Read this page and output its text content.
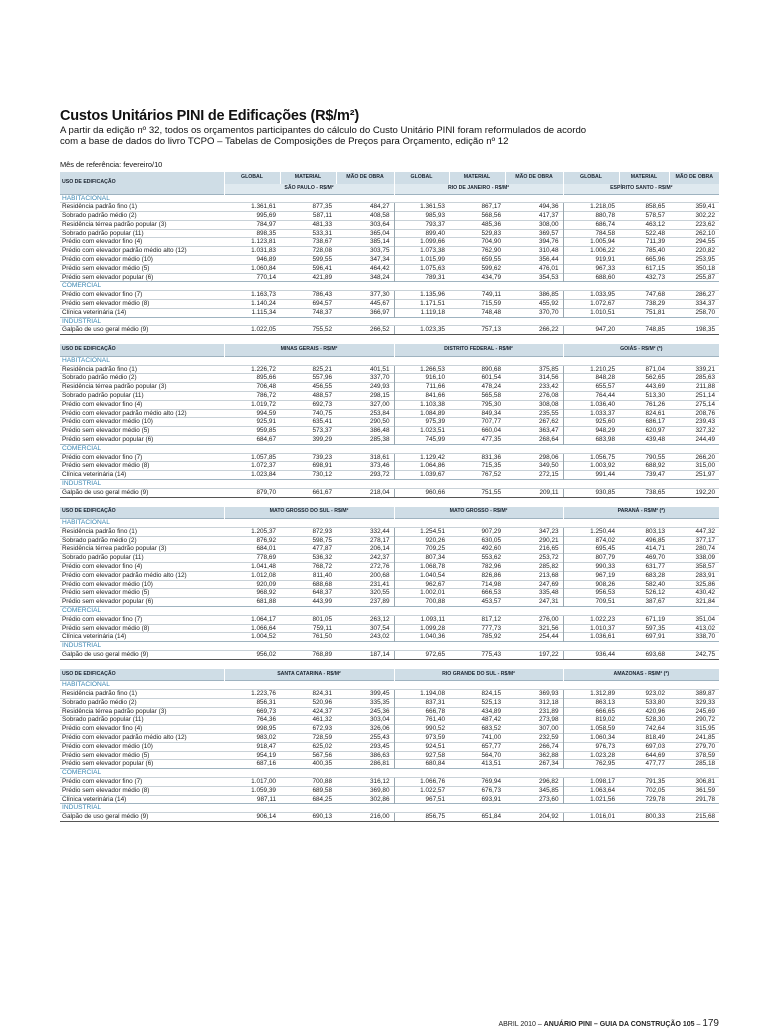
Custos Unitários PINI de Edificações (R$/m²)
A partir da edição nº 32, todos os orçamentos participantes do cálculo do Custo Unitário PINI foram reformulados de acordo
com a base de dados do livro TCPO – Tabelas de Composições de Preços para Orçamento, edição nº 12
Mês de referência: fevereiro/10
USO DE EDIFICAÇÃO	GLOBAL	MATERIAL	MÃO DE OBRA	GLOBAL	MATERIAL	MÃO DE OBRA	GLOBAL	MATERIAL	MÃO DE OBRA
	SÃO PAULO - R$/M²			RIO DE JANEIRO - R$/M²			ESPÍRITO SANTO - R$/M²		
HABITACIONAL									
Residência padrão fino (1)	1.361,61	877,35	484,27	1.361,53	867,17	494,36	1.218,05	858,65	359,41
Sobrado padrão médio (2)	995,69	587,11	408,58	985,93	568,56	417,37	880,78	578,57	302,22
Residência térrea padrão popular (3)	784,97	481,33	303,64	793,37	485,36	308,00	686,74	463,12	223,62
Sobrado padrão popular (11)	898,35	533,31	365,04	899,40	529,83	369,57	784,58	522,48	262,10
Prédio com elevador fino (4)	1.123,81	738,67	385,14	1.099,66	704,90	394,76	1.005,94	711,39	294,55
Prédio com elevador padrão médio alto (12)	1.031,83	728,08	303,75	1.073,38	762,90	310,48	1.006,22	785,40	220,82
Prédio com elevador médio (10)	946,89	599,55	347,34	1.015,99	659,55	356,44	919,91	665,96	253,95
Prédio sem elevador médio (5)	1.060,84	596,41	464,42	1.075,63	599,62	476,01	967,33	617,15	350,18
Prédio sem elevador popular (6)	770,14	421,89	348,24	789,31	434,79	354,53	688,60	432,73	255,87
COMERCIAL									
Prédio com elevador fino (7)	1.163,73	786,43	377,30	1.135,96	749,11	386,85	1.033,95	747,68	286,27
Prédio sem elevador médio (8)	1.140,24	694,57	445,67	1.171,51	715,59	455,92	1.072,67	738,29	334,37
Clínica veterinária (14)	1.115,34	748,37	366,97	1.119,18	748,48	370,70	1.010,51	751,81	258,70
INDUSTRIAL									
Galpão de uso geral médio (9)	1.022,05	755,52	266,52	1.023,35	757,13	266,22	947,20	748,85	198,35
USO DE EDIFICAÇÃO	MINAS GERAIS - R$/M²			DISTRITO FEDERAL - R$/M²			GOIÁS - R$/M² (*)		
HABITACIONAL									
Residência padrão fino (1)	1.226,72	825,21	401,51	1.266,53	890,68	375,85	1.210,25	871,04	339,21
Sobrado padrão médio (2)	895,66	557,96	337,70	916,10	601,54	314,56	848,28	562,65	285,63
Residência térrea padrão popular (3)	706,48	456,55	249,93	711,66	478,24	233,42	655,57	443,69	211,88
Sobrado padrão popular (11)	786,72	488,57	298,15	841,66	565,58	276,08	764,44	513,30	251,14
Prédio com elevador fino (4)	1.019,72	692,73	327,00	1.103,38	795,30	308,08	1.036,40	761,26	275,14
Prédio com elevador padrão médio alto (12)	994,59	740,75	253,84	1.084,89	849,34	235,55	1.033,37	824,61	208,76
Prédio com elevador médio (10)	925,91	635,41	290,50	975,39	707,77	267,62	925,60	686,17	239,43
Prédio sem elevador médio (5)	959,85	573,37	386,48	1.023,51	660,04	363,47	948,29	620,97	327,32
Prédio sem elevador popular (6)	684,67	399,29	285,38	745,99	477,35	268,64	683,98	439,48	244,49
COMERCIAL									
Prédio com elevador fino (7)	1.057,85	739,23	318,61	1.129,42	831,36	298,06	1.056,75	790,55	266,20
Prédio sem elevador médio (8)	1.072,37	698,91	373,46	1.064,86	715,35	349,50	1.003,92	688,92	315,00
Clínica veterinária (14)	1.023,84	730,12	293,72	1.039,67	767,52	272,15	991,44	739,47	251,97
INDUSTRIAL									
Galpão de uso geral médio (9)	879,70	661,67	218,04	960,66	751,55	209,11	930,85	738,65	192,20
USO DE EDIFICAÇÃO	MATO GROSSO DO SUL - R$/M²			MATO GROSSO - R$/M²			PARANÁ - R$/M² (*)		
HABITACIONAL									
Residência padrão fino (1)	1.205,37	872,93	332,44	1.254,51	907,29	347,23	1.250,44	803,13	447,32
Sobrado padrão médio (2)	876,92	598,75	278,17	920,26	630,05	290,21	874,02	496,85	377,17
Residência térrea padrão popular (3)	684,01	477,87	206,14	709,25	492,60	216,65	695,45	414,71	280,74
Sobrado padrão popular (11)	778,69	536,32	242,37	807,34	553,62	253,72	807,79	469,70	338,09
Prédio com elevador fino (4)	1.041,48	768,72	272,76	1.068,78	782,96	285,82	990,33	631,77	358,57
Prédio com elevador padrão médio alto (12)	1.012,08	811,40	200,68	1.040,54	826,86	213,68	967,19	683,28	283,91
Prédio com elevador médio (10)	920,09	688,68	231,41	962,67	714,98	247,69	908,26	582,40	325,86
Prédio sem elevador médio (5)	968,92	648,37	320,55	1.002,01	666,53	335,48	956,53	526,12	430,42
Prédio sem elevador popular (6)	681,88	443,99	237,89	700,88	453,57	247,31	709,51	387,67	321,84
COMERCIAL									
Prédio com elevador fino (7)	1.064,17	801,05	263,12	1.093,11	817,12	276,00	1.022,23	671,19	351,04
Prédio sem elevador médio (8)	1.066,64	759,11	307,54	1.099,28	777,73	321,56	1.010,37	597,35	413,02
Clínica veterinária (14)	1.004,52	761,50	243,02	1.040,36	785,92	254,44	1.036,61	697,91	338,70
INDUSTRIAL									
Galpão de uso geral médio (9)	956,02	768,89	187,14	972,65	775,43	197,22	936,44	693,68	242,75
USO DE EDIFICAÇÃO	SANTA CATARINA - R$/M²			RIO GRANDE DO SUL - R$/M²			AMAZONAS - R$/M² (*)		
HABITACIONAL									
Residência padrão fino (1)	1.223,76	824,31	399,45	1.194,08	824,15	369,93	1.312,89	923,02	389,87
Sobrado padrão médio (2)	856,31	520,96	335,35	837,31	525,13	312,18	863,13	533,80	329,33
Residência térrea padrão popular (3)	669,73	424,37	245,36	666,78	434,89	231,89	666,65	420,96	245,69
Sobrado padrão popular (11)	764,36	461,32	303,04	761,40	487,42	273,98	819,02	528,30	290,72
Prédio com elevador fino (4)	998,95	672,93	326,06	990,52	683,52	307,00	1.058,59	742,64	315,95
Prédio com elevador padrão médio alto (12)	983,02	728,59	255,43	973,59	741,00	232,59	1.060,34	818,49	241,85
Prédio com elevador médio (10)	918,47	625,02	293,45	924,51	657,77	266,74	976,73	697,03	279,70
Prédio sem elevador médio (5)	954,19	567,56	386,63	927,58	564,70	362,88	1.023,28	644,69	378,59
Prédio sem elevador popular (6)	687,16	400,35	286,81	680,84	413,51	267,34	762,95	477,77	285,18
COMERCIAL									
Prédio com elevador fino (7)	1.017,00	700,88	316,12	1.066,76	769,94	296,82	1.098,17	791,35	306,81
Prédio sem elevador médio (8)	1.059,39	689,58	369,80	1.022,57	676,73	345,85	1.063,64	702,05	361,59
Clínica veterinária (14)	987,11	684,25	302,86	967,51	693,91	273,60	1.021,56	729,78	291,78
INDUSTRIAL									
Galpão de uso geral médio (9)	906,14	690,13	216,00	856,75	651,84	204,92	1.016,01	800,33	215,68
ABRIL 2010 – ANUÁRIO PINI – GUIA DA CONSTRUÇÃO 105 – 179
